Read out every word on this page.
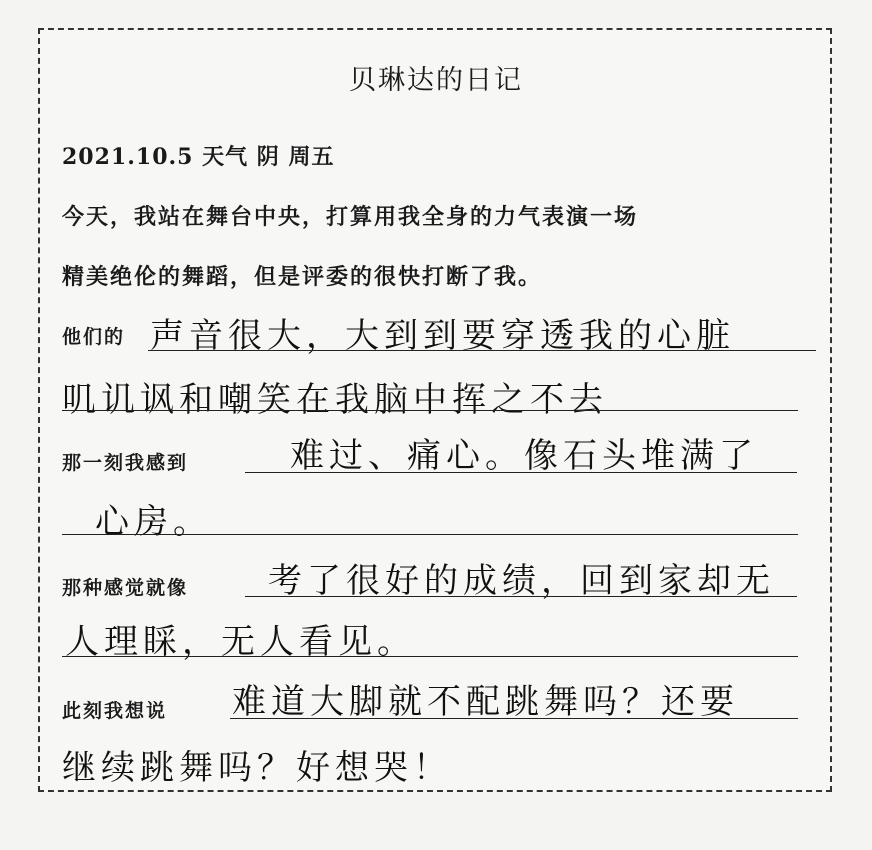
贝琳达的日记
2021.10.5 天气 阴 周五
今天，我站在舞台中央，打算用我全身的力气表演一场
精美绝伦的舞蹈，但是评委的很快打断了我。
他们的 声音很大，大到到要穿透我的心脏
叽讥讽和嘲笑在我脑中挥之不去
那一刻我感到	难过、痛心。像石头堆满了
心房。
那种感觉就像 考了很好的成绩，回到家却无
人理睬，无人看见。
此刻我想说 难道大脚就不配跳舞吗？还要
继续跳舞吗？好想哭！
